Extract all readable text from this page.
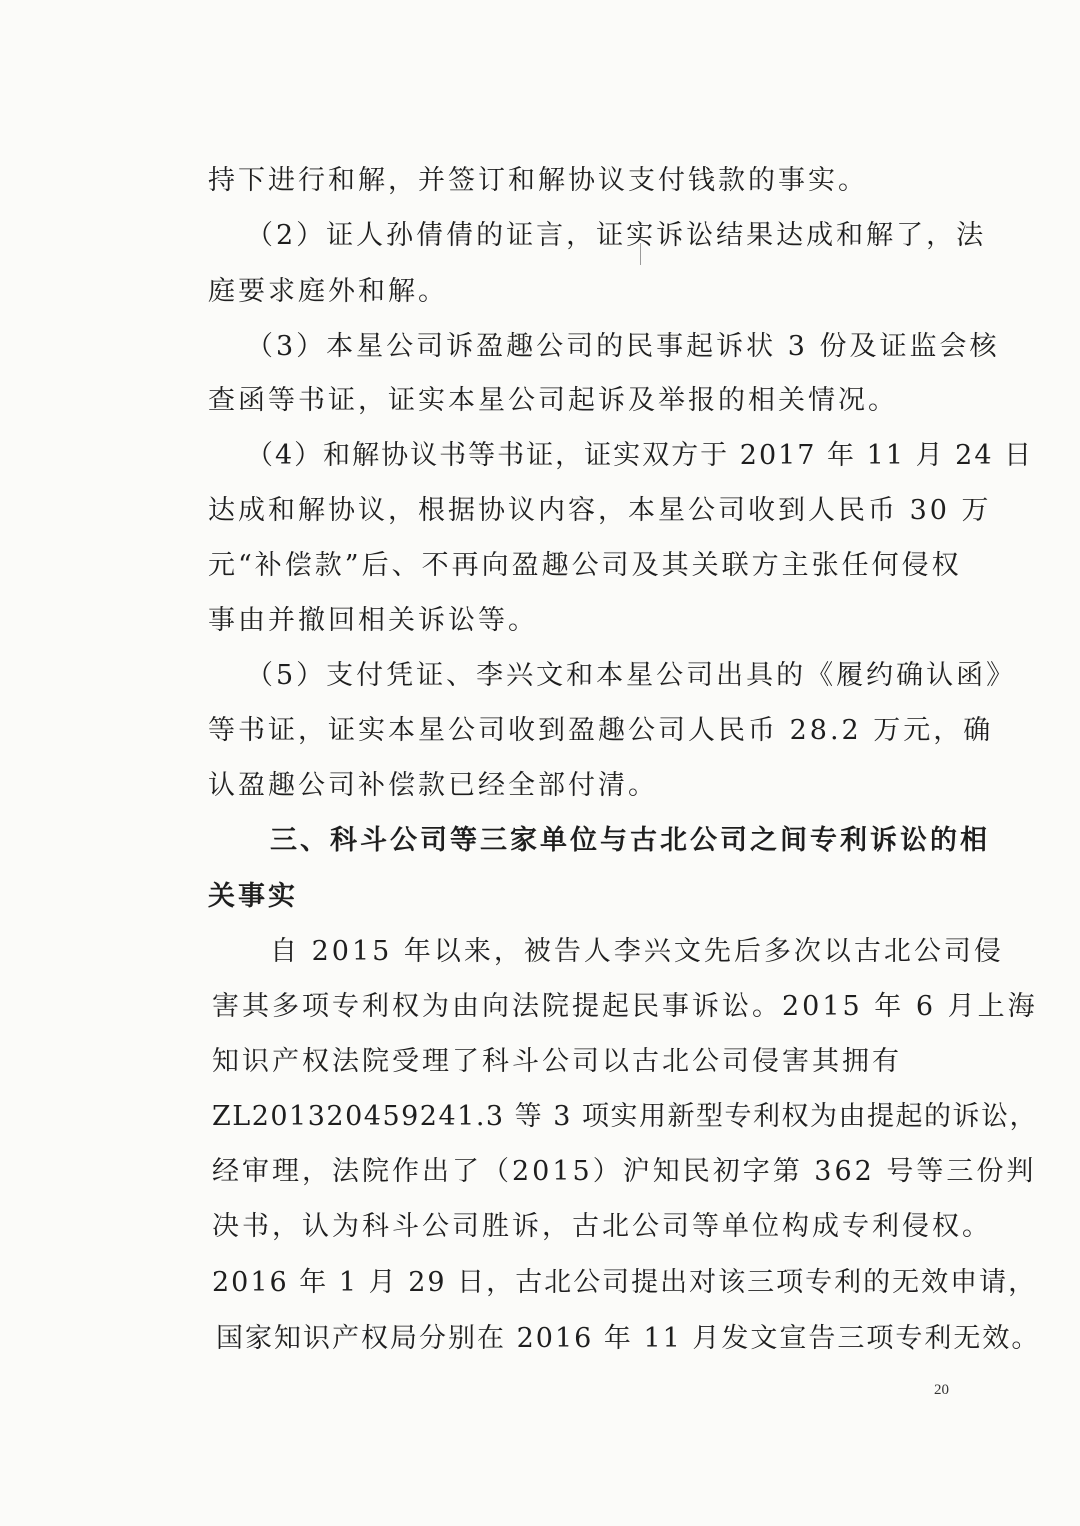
持下进行和解，并签订和解协议支付钱款的事实。
（2）证人孙倩倩的证言，证实诉讼结果达成和解了，法
庭要求庭外和解。
（3）本星公司诉盈趣公司的民事起诉状 3 份及证监会核
查函等书证，证实本星公司起诉及举报的相关情况。
（4）和解协议书等书证，证实双方于 2017 年 11 月 24 日
达成和解协议，根据协议内容，本星公司收到人民币 30 万
元“补偿款”后、不再向盈趣公司及其关联方主张任何侵权
事由并撤回相关诉讼等。
（5）支付凭证、李兴文和本星公司出具的《履约确认函》
等书证，证实本星公司收到盈趣公司人民币 28.2 万元，确
认盈趣公司补偿款已经全部付清。
三、科斗公司等三家单位与古北公司之间专利诉讼的相
关事实
自 2015 年以来，被告人李兴文先后多次以古北公司侵
害其多项专利权为由向法院提起民事诉讼。2015 年 6 月上海
知识产权法院受理了科斗公司以古北公司侵害其拥有
ZL201320459241.3 等 3 项实用新型专利权为由提起的诉讼，
经审理，法院作出了（2015）沪知民初字第 362 号等三份判
决书，认为科斗公司胜诉，古北公司等单位构成专利侵权。
2016 年 1 月 29 日，古北公司提出对该三项专利的无效申请，
国家知识产权局分别在 2016 年 11 月发文宣告三项专利无效。
20
